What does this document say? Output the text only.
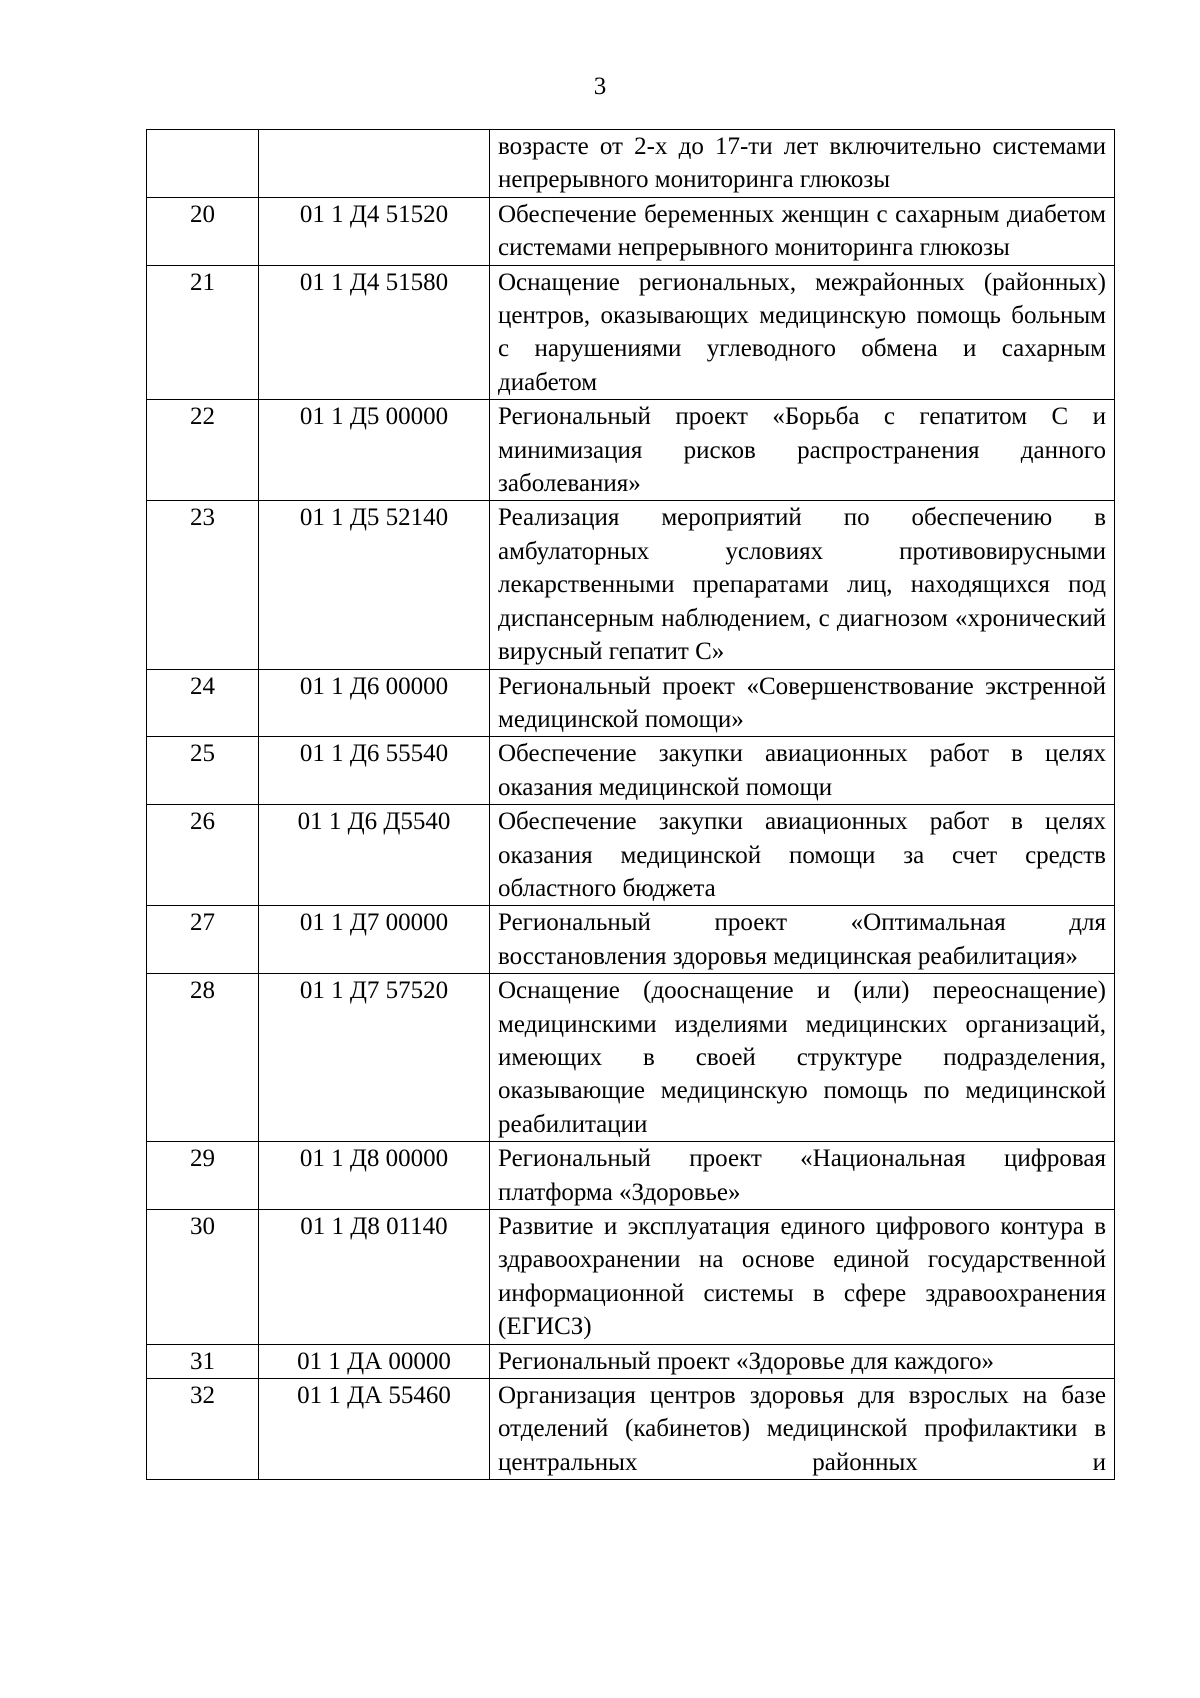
3
		возрасте от 2-х до 17-ти лет включительно системами непрерывного мониторинга глюкозы
20	01 1 Д4 51520	Обеспечение беременных женщин с сахарным диабетом системами непрерывного мониторинга глюкозы
21	01 1 Д4 51580	Оснащение региональных, межрайонных (районных) центров, оказывающих медицинскую помощь больным с нарушениями углеводного обмена и сахарным диабетом
22	01 1 Д5 00000	Региональный проект «Борьба с гепатитом С и минимизация рисков распространения данного заболевания»
23	01 1 Д5 52140	Реализация мероприятий по обеспечению в амбулаторных условиях противовирусными лекарственными препаратами лиц, находящихся под диспансерным наблюдением, с диагнозом «хронический вирусный гепатит С»
24	01 1 Д6 00000	Региональный проект «Совершенствование экстренной медицинской помощи»
25	01 1 Д6 55540	Обеспечение закупки авиационных работ в целях оказания медицинской помощи
26	01 1 Д6 Д5540	Обеспечение закупки авиационных работ в целях оказания медицинской помощи за счет средств областного бюджета
27	01 1 Д7 00000	Региональный проект «Оптимальная для восстановления здоровья медицинская реабилитация»
28	01 1 Д7 57520	Оснащение (дооснащение и (или) переоснащение) медицинскими изделиями медицинских организаций, имеющих в своей структуре подразделения, оказывающие медицинскую помощь по медицинской реабилитации
29	01 1 Д8 00000	Региональный проект «Национальная цифровая платформа «Здоровье»
30	01 1 Д8 01140	Развитие и эксплуатация единого цифрового контура в здравоохранении на основе единой государственной информационной системы в сфере здравоохранения (ЕГИСЗ)
31	01 1 ДА 00000	Региональный проект «Здоровье для каждого»
32	01 1 ДА 55460	Организация центров здоровья для взрослых на базе отделений (кабинетов) медицинской профилактики в центральных районных и
